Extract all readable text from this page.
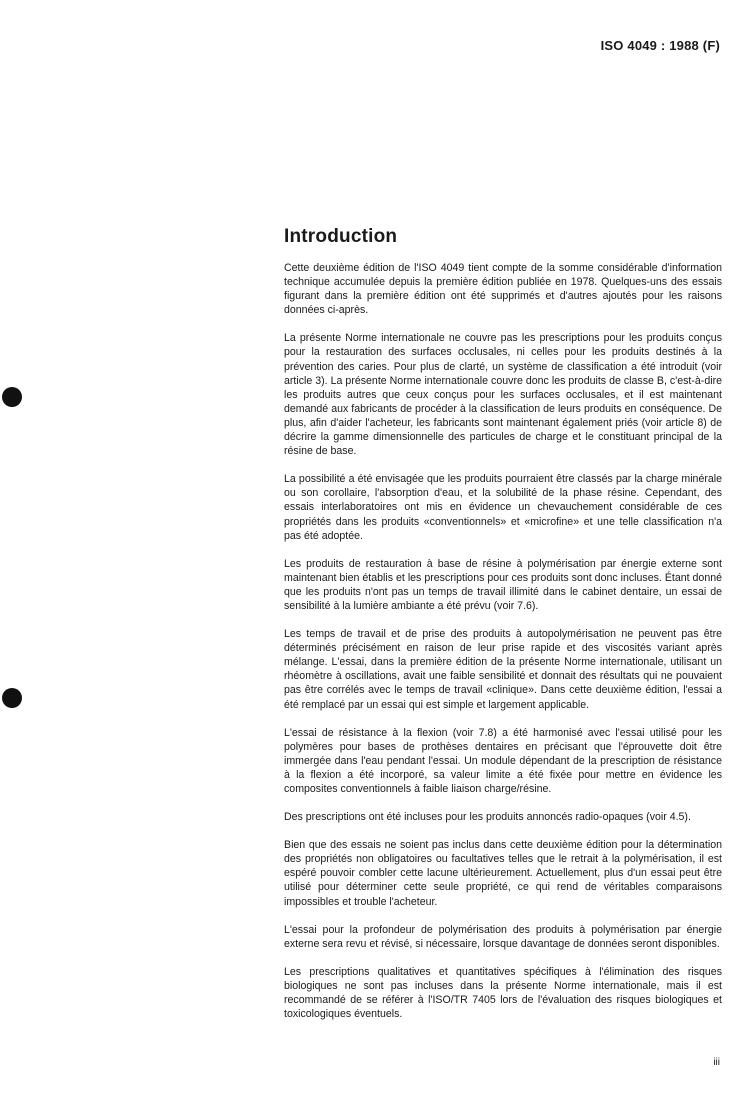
ISO 4049 : 1988 (F)
Introduction

Cette deuxième édition de l'ISO 4049 tient compte de la somme considérable d'information technique accumulée depuis la première édition publiée en 1978. Quelques-uns des essais figurant dans la première édition ont été supprimés et d'autres ajoutés pour les raisons données ci-après.

La présente Norme internationale ne couvre pas les prescriptions pour les produits conçus pour la restauration des surfaces occlusales, ni celles pour les produits destinés à la prévention des caries. Pour plus de clarté, un système de classification a été introduit (voir article 3). La présente Norme internationale couvre donc les produits de classe B, c'est-à-dire les produits autres que ceux conçus pour les surfaces occlusales, et il est maintenant demandé aux fabricants de procéder à la classification de leurs produits en conséquence. De plus, afin d'aider l'acheteur, les fabricants sont maintenant également priés (voir article 8) de décrire la gamme dimensionnelle des particules de charge et le constituant principal de la résine de base.

La possibilité a été envisagée que les produits pourraient être classés par la charge minérale ou son corollaire, l'absorption d'eau, et la solubilité de la phase résine. Cependant, des essais interlaboratoires ont mis en évidence un chevauchement considérable de ces propriétés dans les produits «conventionnels» et «microfine» et une telle classification n'a pas été adoptée.

Les produits de restauration à base de résine à polymérisation par énergie externe sont maintenant bien établis et les prescriptions pour ces produits sont donc incluses. Étant donné que les produits n'ont pas un temps de travail illimité dans le cabinet dentaire, un essai de sensibilité à la lumière ambiante a été prévu (voir 7.6).

Les temps de travail et de prise des produits à autopolymérisation ne peuvent pas être déterminés précisément en raison de leur prise rapide et des viscosités variant après mélange. L'essai, dans la première édition de la présente Norme internationale, utilisant un rhéomètre à oscillations, avait une faible sensibilité et donnait des résultats qui ne pouvaient pas être corrélés avec le temps de travail «clinique». Dans cette deuxième édition, l'essai a été remplacé par un essai qui est simple et largement applicable.

L'essai de résistance à la flexion (voir 7.8) a été harmonisé avec l'essai utilisé pour les polymères pour bases de prothèses dentaires en précisant que l'éprouvette doit être immergée dans l'eau pendant l'essai. Un module dépendant de la prescription de résistance à la flexion a été incorporé, sa valeur limite a été fixée pour mettre en évidence les composites conventionnels à faible liaison charge/résine.

Des prescriptions ont été incluses pour les produits annoncés radio-opaques (voir 4.5).

Bien que des essais ne soient pas inclus dans cette deuxième édition pour la détermination des propriétés non obligatoires ou facultatives telles que le retrait à la polymérisation, il est espéré pouvoir combler cette lacune ultérieurement. Actuellement, plus d'un essai peut être utilisé pour déterminer cette seule propriété, ce qui rend de véritables comparaisons impossibles et trouble l'acheteur.

L'essai pour la profondeur de polymérisation des produits à polymérisation par énergie externe sera revu et révisé, si nécessaire, lorsque davantage de données seront disponibles.

Les prescriptions qualitatives et quantitatives spécifiques à l'élimination des risques biologiques ne sont pas incluses dans la présente Norme internationale, mais il est recommandé de se référer à l'ISO/TR 7405 lors de l'évaluation des risques biologiques et toxicologiques éventuels.

iii
